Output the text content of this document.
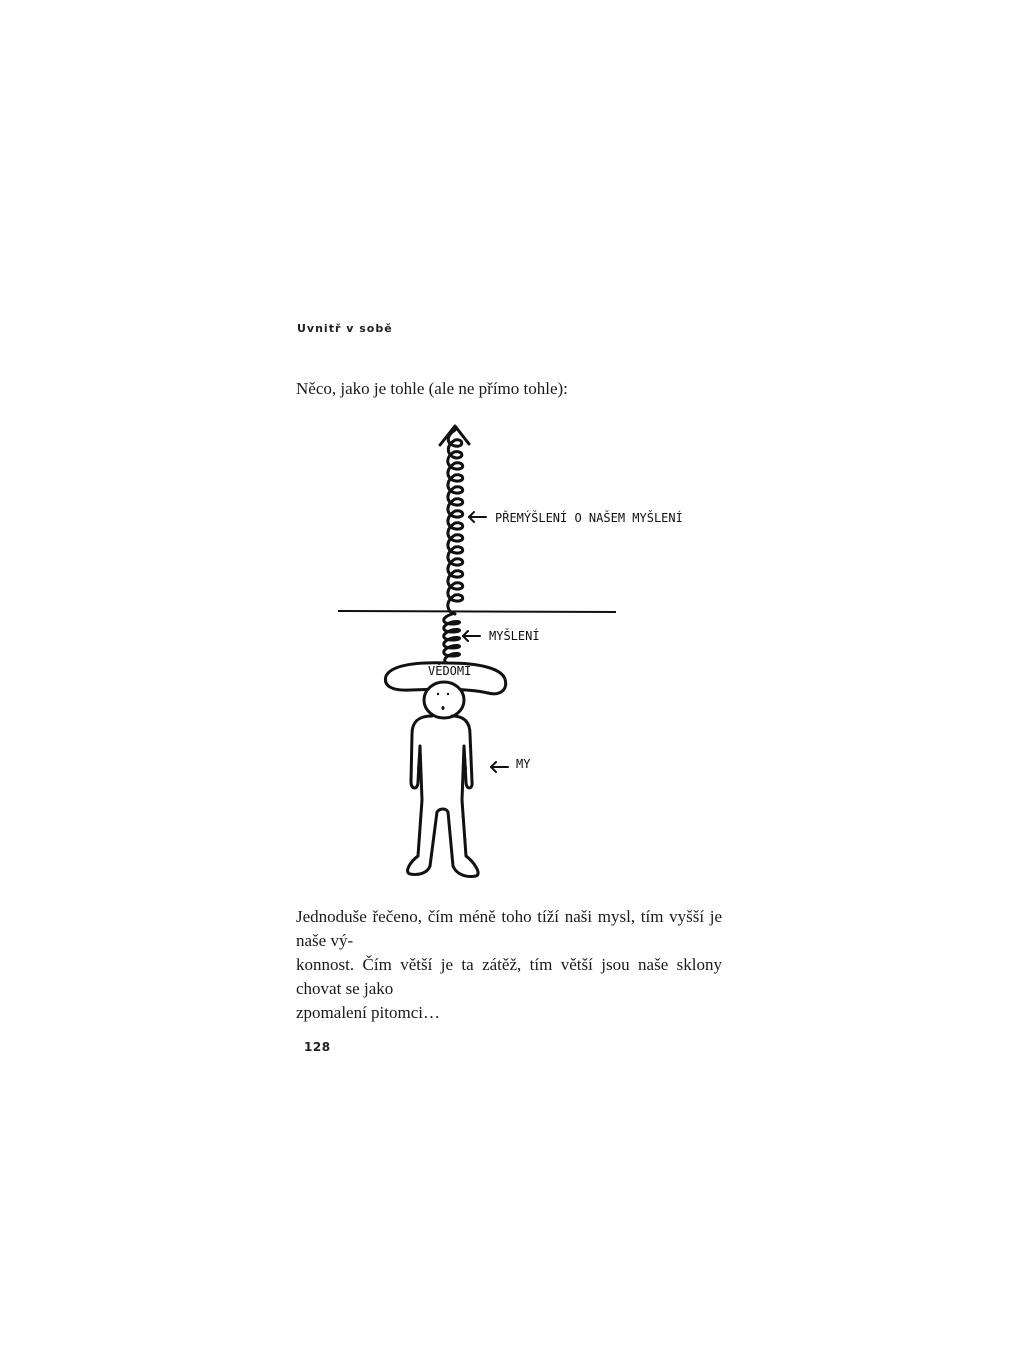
Uvnitř v sobě
Něco, jako je tohle (ale ne přímo tohle):
PŘEMÝŠLENÍ O NAŠEM MYŠLENÍ
MYŠLENÍ
VĚDOMÍ
MY
Jednoduše řečeno, čím méně toho tíží naši mysl, tím vyšší je naše vý-
konnost. Čím větší je ta zátěž, tím větší jsou naše sklony chovat se jako
zpomalení pitomci…
128
